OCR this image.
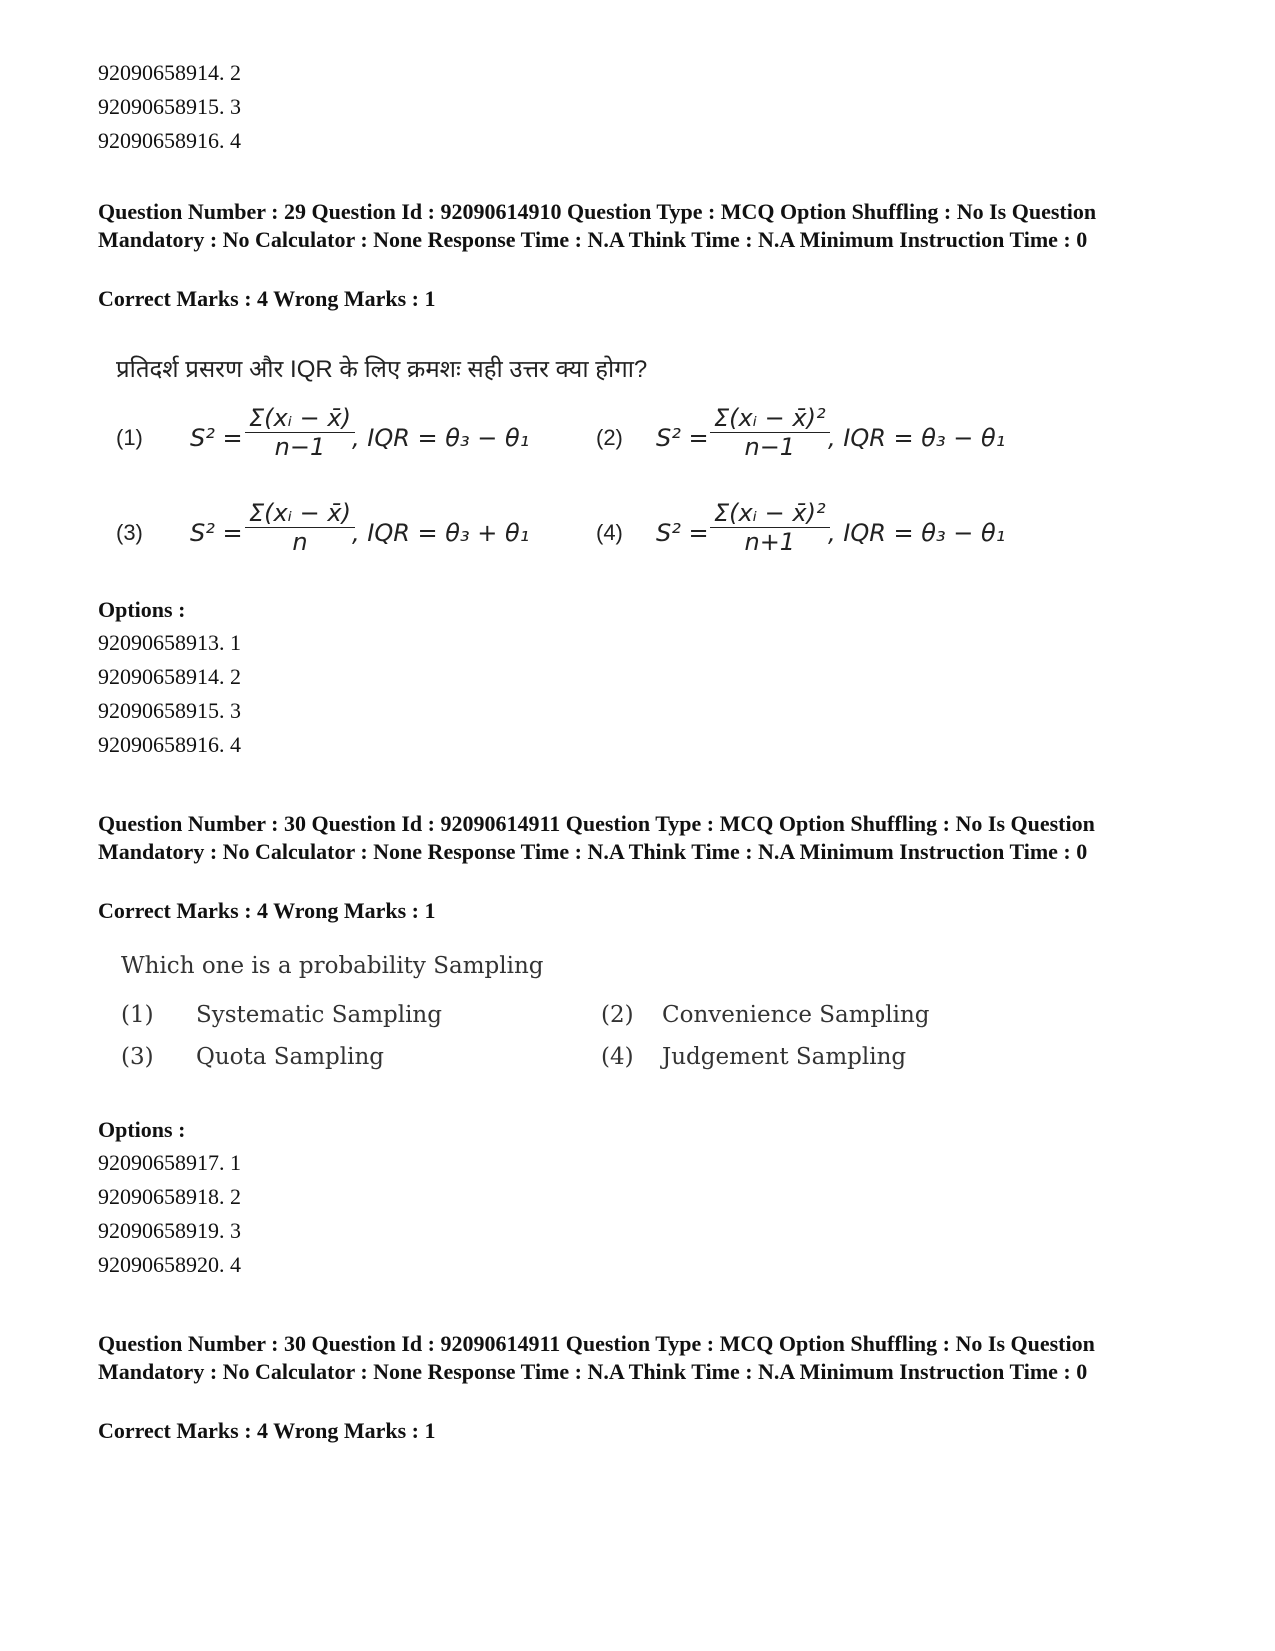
92090658914. 2
92090658915. 3
92090658916. 4
Question Number : 29 Question Id : 92090614910 Question Type : MCQ Option Shuffling : No Is Question Mandatory : No Calculator : None Response Time : N.A Think Time : N.A Minimum Instruction Time : 0
Correct Marks : 4 Wrong Marks : 1
प्रतिदर्श प्रसरण और IQR के लिए क्रमशः सही उत्तर क्या होगा?
(1) $S^2 = \frac{\text{Σ(xᵢ − x̄)}}{n-1}$
, IQR = θ₃ − θ₁	(2) $S^2 = \frac{\text{Σ(xᵢ − x̄)²}}{n-1}$
, IQR = θ₃ − θ₁
(3) $S^2 = \frac{\text{Σ(xᵢ − x̄)}}{n}$
, IQR = θ₃ + θ₁	(4) $S^2 = \frac{\text{Σ(xᵢ − x̄)²}}{n+1}$
, IQR = θ₃ − θ₁
Options :
92090658913. 1
92090658914. 2
92090658915. 3
92090658916. 4
Question Number : 30 Question Id : 92090614911 Question Type : MCQ Option Shuffling : No Is Question Mandatory : No Calculator : None Response Time : N.A Think Time : N.A Minimum Instruction Time : 0
Correct Marks : 4 Wrong Marks : 1
Which one is a probability Sampling
(1) Systematic Sampling	(2) Convenience Sampling
(3) Quota Sampling	(4) Judgement Sampling
Options :
92090658917. 1
92090658918. 2
92090658919. 3
92090658920. 4
Question Number : 30 Question Id : 92090614911 Question Type : MCQ Option Shuffling : No Is Question Mandatory : No Calculator : None Response Time : N.A Think Time : N.A Minimum Instruction Time : 0
Correct Marks : 4 Wrong Marks : 1
